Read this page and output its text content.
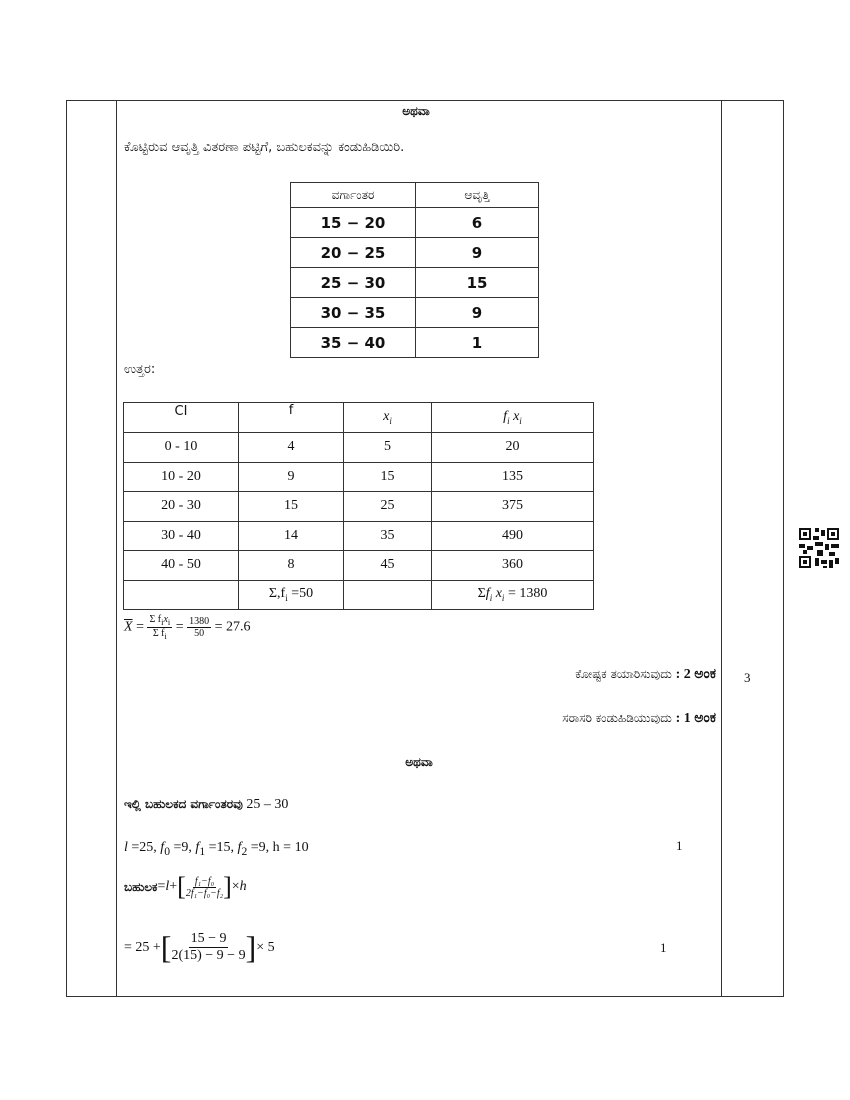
ಅಥವಾ
ಕೊಟ್ಟಿರುವ ಆವೃತ್ತಿ ವಿತರಣಾ ಪಟ್ಟಿಗೆ, ಬಹುಲಕವನ್ನು ಕಂಡುಹಿಡಿಯಿರಿ.
ವರ್ಗಾಂತರ	ಆವೃತ್ತಿ
15 − 20	6
20 − 25	9
25 − 30	15
30 − 35	9
35 − 40	1
ಉತ್ತರ:
CI	f	$x_i$	$f_i$ $x_i$
0 - 10	4	5	20
10 - 20	9	15	135
20 - 30	15	25	375
30 - 40	14	35	490
40 - 50	8	45	360
	$\Sigma,f_i =50$		$\Sigma f_i$ $x_i = 1380$
$\overline{X} = \frac{\Sigma f_ix_i}{\Sigma f_i} = \frac{1380}{50} = 27.6$
ಕೋಷ್ಟಕ ತಯಾರಿಸುವುದು : 2 ಅಂಕ 3
ಸರಾಸರಿ ಕಂಡುಹಿಡಿಯುವುದು : 1 ಅಂಕ
ಅಥವಾ
ಇಲ್ಲಿ ಬಹುಲಕದ ವರ್ಗಾಂತರವು 25 – 30
l =25, $f_0 =9$, $f_1 =15$, $f_2 =9$, h = 10	1
ಬಹುಲಕ = l + [ $\frac{\text{f₁−f₀}}{\text{2f₁−f₀−f₂}}$ ] × h
= 25 + [ $\frac{15 - 9}{2(15) - 9 - 9}$ ] × 5	1
